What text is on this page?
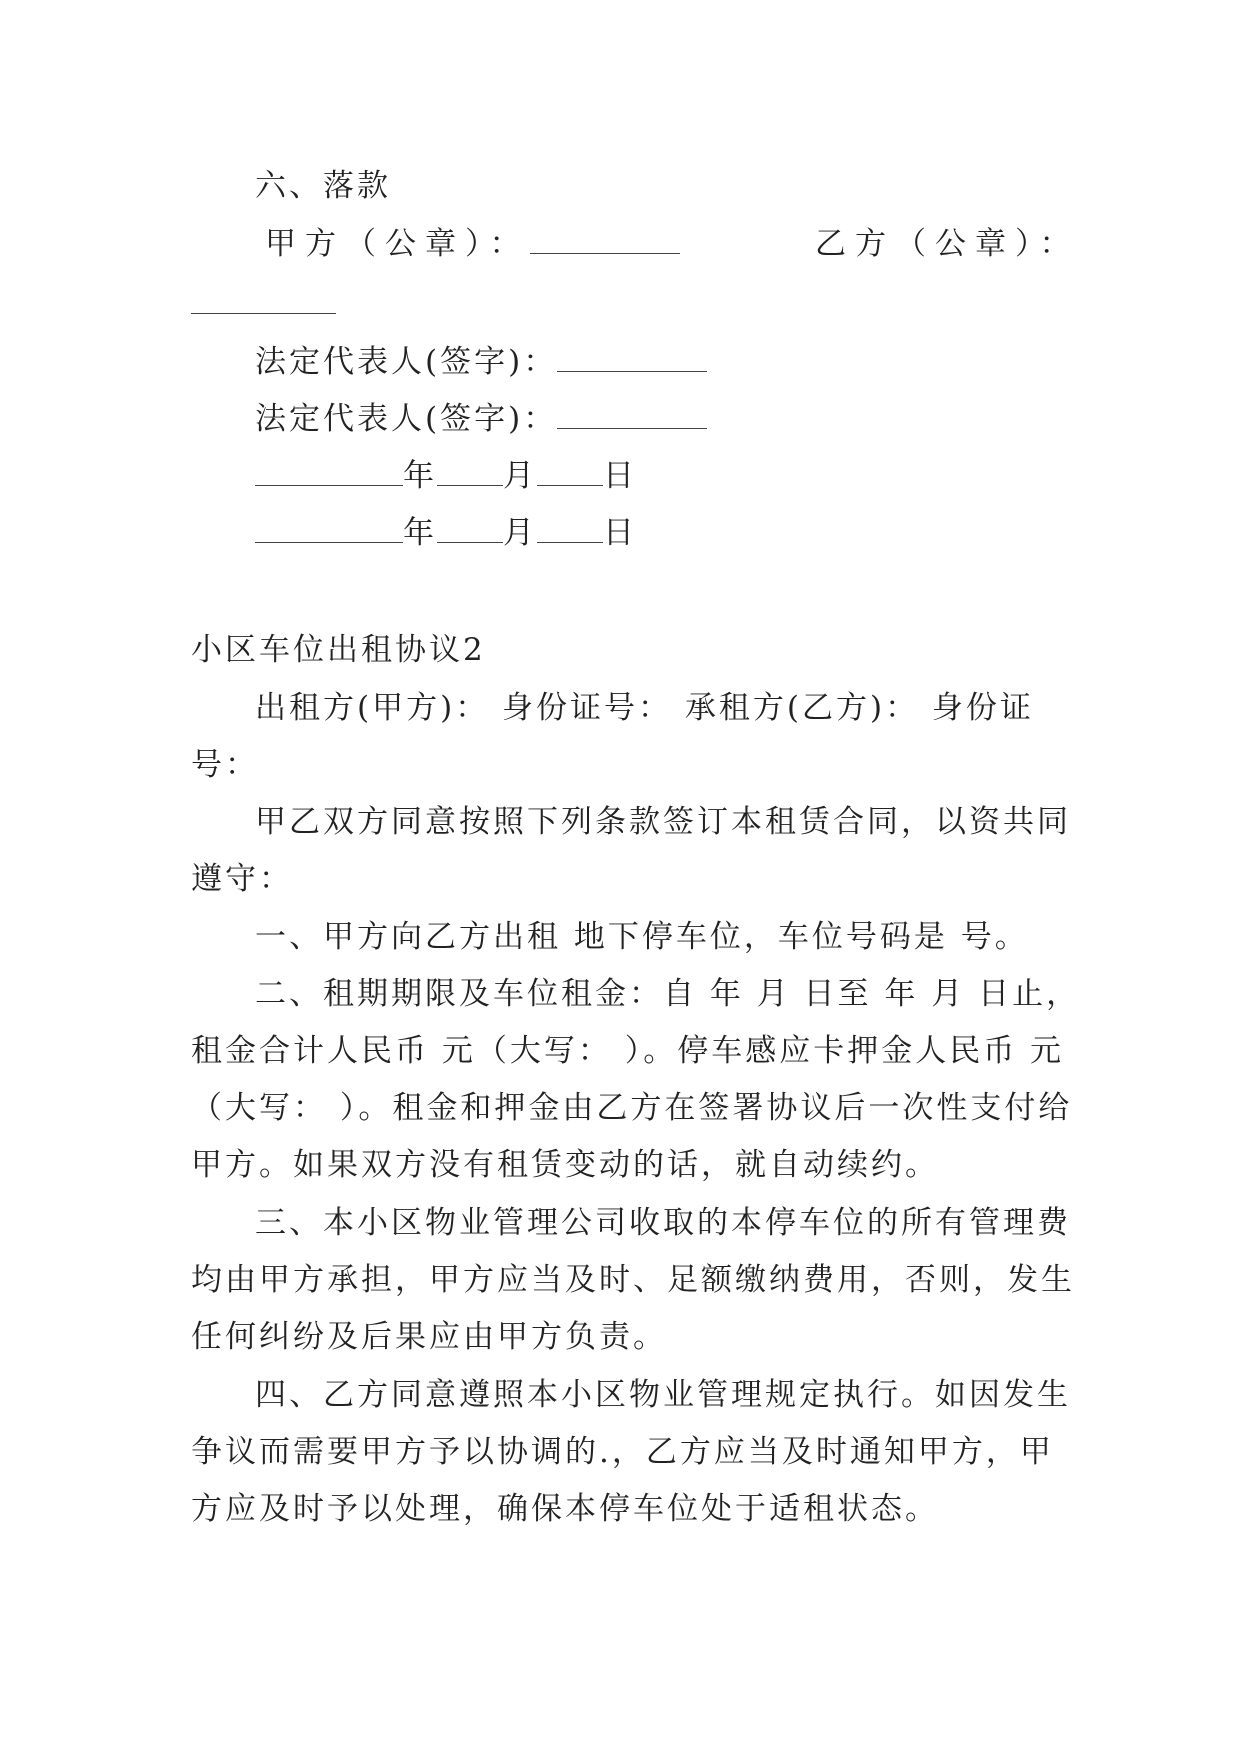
六、落款
甲方（公章）：	乙方（公章）：
法定代表人(签字)：
法定代表人(签字)：
年 月 日
年 月 日
小区车位出租协议2
出租方(甲方)： 身份证号： 承租方(乙方)： 身份证
号：
甲乙双方同意按照下列条款签订本租赁合同，以资共同
遵守：
一、甲方向乙方出租 地下停车位，车位号码是 号。
二、租期期限及车位租金：自 年 月 日至 年 月 日止，
租金合计人民币 元（大写： ）。停车感应卡押金人民币 元
（大写： ）。租金和押金由乙方在签署协议后一次性支付给
甲方。如果双方没有租赁变动的话，就自动续约。
三、本小区物业管理公司收取的本停车位的所有管理费
均由甲方承担，甲方应当及时、足额缴纳费用，否则，发生
任何纠纷及后果应由甲方负责。
四、乙方同意遵照本小区物业管理规定执行。如因发生
争议而需要甲方予以协调的.，乙方应当及时通知甲方，甲
方应及时予以处理，确保本停车位处于适租状态。
